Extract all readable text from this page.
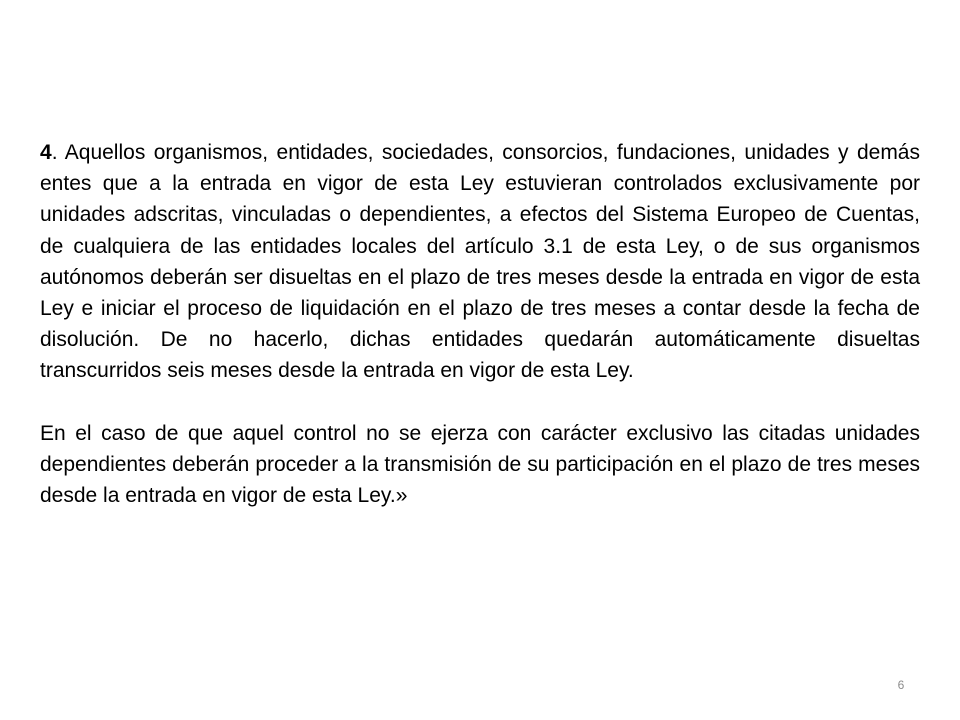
4. Aquellos organismos, entidades, sociedades, consorcios, fundaciones, unidades y demás entes que a la entrada en vigor de esta Ley estuvieran controlados exclusivamente por unidades adscritas, vinculadas o dependientes, a efectos del Sistema Europeo de Cuentas, de cualquiera de las entidades locales del artículo 3.1 de esta Ley, o de sus organismos autónomos deberán ser disueltas en el plazo de tres meses desde la entrada en vigor de esta Ley e iniciar el proceso de liquidación en el plazo de tres meses a contar desde la fecha de disolución. De no hacerlo, dichas entidades quedarán automáticamente disueltas transcurridos seis meses desde la entrada en vigor de esta Ley.

En el caso de que aquel control no se ejerza con carácter exclusivo las citadas unidades dependientes deberán proceder a la transmisión de su participación en el plazo de tres meses desde la entrada en vigor de esta Ley.»

6
